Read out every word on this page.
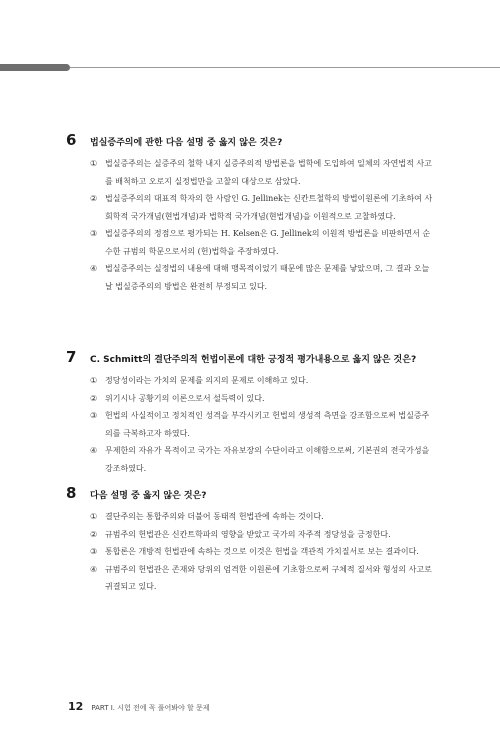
6	법실증주의에 관한 다음 설명 중 옳지 않은 것은?
① 법실증주의는 실증주의 철학 내지 실증주의적 방법론을 법학에 도입하여 일체의 자연법적 사고를 배척하고 오로지 실정법만을 고찰의 대상으로 삼았다.
② 법실증주의의 대표적 학자의 한 사람인 G. Jellinek는 신칸트철학의 방법이원론에 기초하여 사회학적 국가개념(현법개념)과 법학적 국가개념(현법개념)을 이원적으로 고찰하였다.
③ 법실증주의의 정점으로 평가되는 H. Kelsen은 G. Jellinek의 이원적 방법론을 비판하면서 순수한 규범의 학문으로서의 (헌)법학을 주장하였다.
④ 법실증주의는 실정법의 내용에 대해 맹목적이었기 때문에 많은 문제를 낳았으며, 그 결과 오늘날 법실증주의의 방법은 완전히 부정되고 있다.
7	C. Schmitt의 결단주의적 헌법이론에 대한 긍정적 평가내용으로 옳지 않은 것은?
① 정당성이라는 가치의 문제를 의지의 문제로 이해하고 있다.
② 위기시나 공황기의 이론으로서 설득력이 있다.
③ 헌법의 사실적이고 정치적인 성격을 부각시키고 헌법의 생성적 측면을 강조함으로써 법실증주의를 극복하고자 하였다.
④ 무제한의 자유가 목적이고 국가는 자유보장의 수단이라고 이해함으로써, 기본권의 전국가성을 강조하였다.
8	다음 설명 중 옳지 않은 것은?
① 결단주의는 통합주의와 더불어 동태적 헌법관에 속하는 것이다.
② 규범주의 헌법관은 신칸트학파의 영향을 받았고 국가의 자주적 정당성을 긍정한다.
③ 통합론은 개방적 헌법관에 속하는 것으로 이것은 헌법을 객관적 가치질서로 보는 결과이다.
④ 규범주의 헌법관은 존재와 당위의 엄격한 이원론에 기초함으로써 구체적 질서와 형성의 사고로 귀결되고 있다.
12 PART Ⅰ. 시험 전에 꼭 풀어봐야 할 문제
